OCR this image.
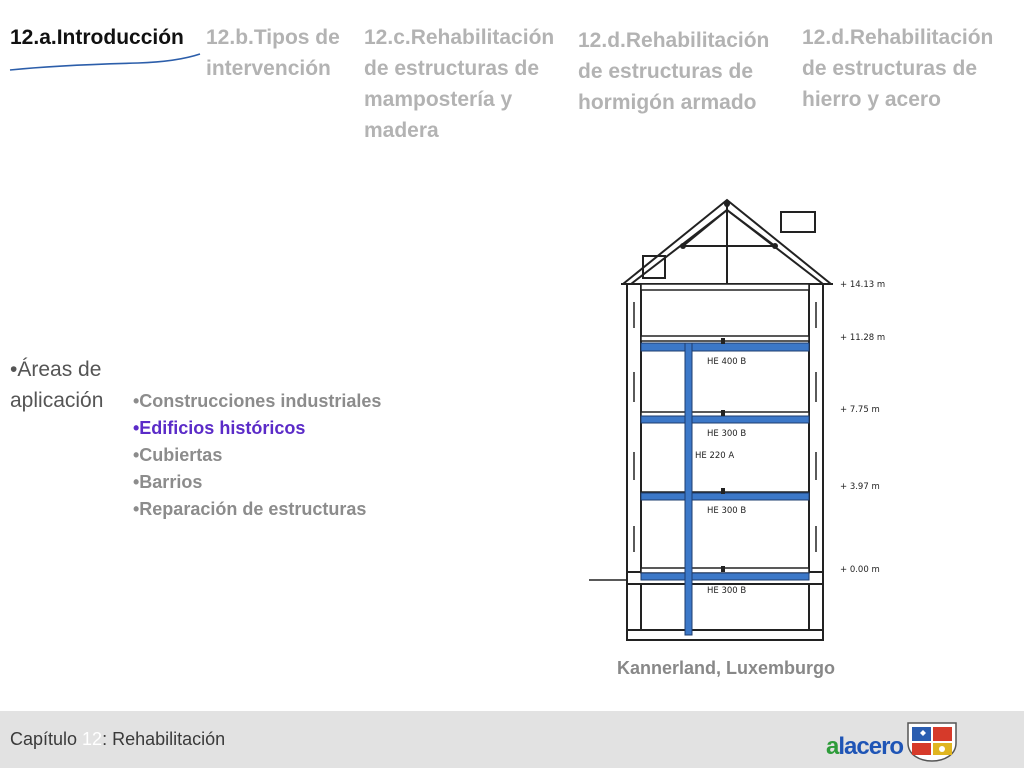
12.a.Introducción 12.b.Tipos de
intervención
12.c.Rehabilitación
de estructuras de
mampostería y
madera
12.d.Rehabilitación
de estructuras de
hormigón armado
12.d.Rehabilitación
de estructuras de
hierro y acero
•Áreas de
aplicación •Construcciones industriales
•Edificios históricos
•Cubiertas
•Barrios
•Reparación de estructuras
HE 400 B
HE 300 B
HE 300 B
HE 300 B
HE 220 A
+ 14.13 m
+ 11.28 m
+ 7.75 m
+ 3.97 m
+ 0.00 m
Kannerland, Luxemburgo
Capítulo 12: Rehabilitación	alacero
